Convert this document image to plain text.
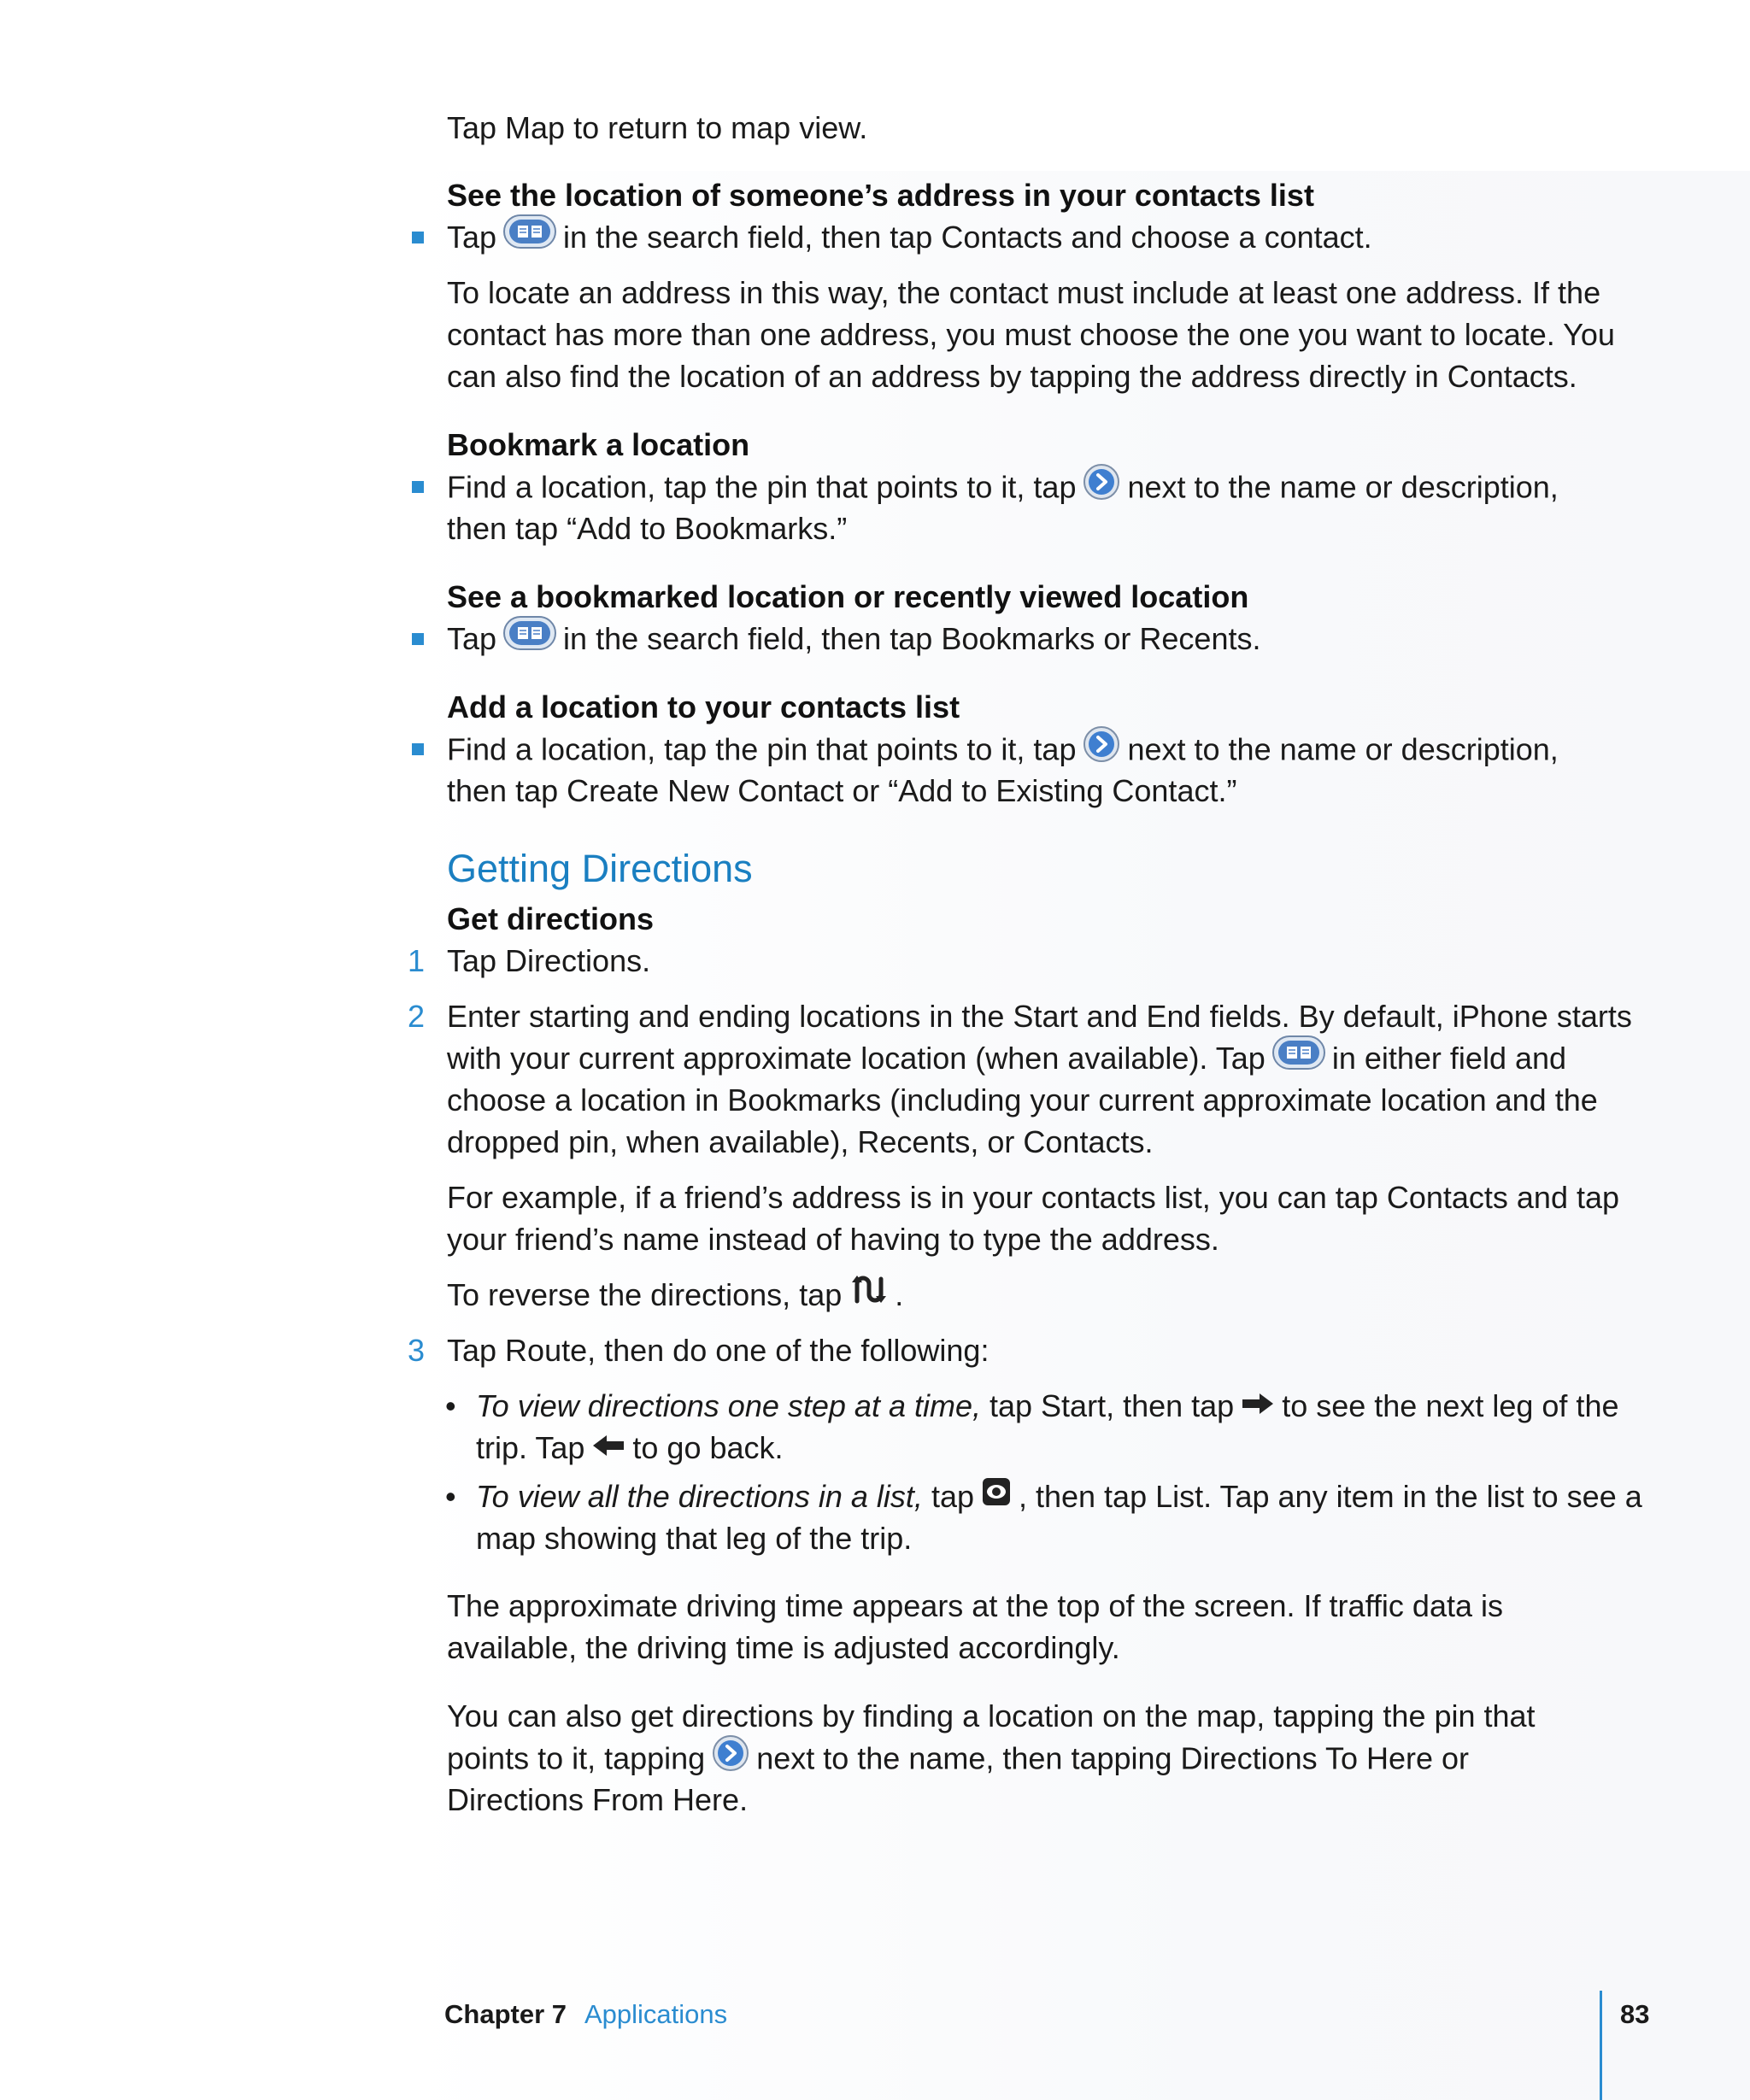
Tap Map to return to map view.
See the location of someone’s address in your contacts list
Tap in the search field, then tap Contacts and choose a contact.
To locate an address in this way, the contact must include at least one address. If the
contact has more than one address, you must choose the one you want to locate. You
can also find the location of an address by tapping the address directly in Contacts.
Bookmark a location
Find a location, tap the pin that points to it, tap next to the name or description,
then tap “Add to Bookmarks.”
See a bookmarked location or recently viewed location
Tap in the search field, then tap Bookmarks or Recents.
Add a location to your contacts list
Find a location, tap the pin that points to it, tap next to the name or description,
then tap Create New Contact or “Add to Existing Contact.”
Getting Directions
Get directions
1 Tap Directions.
2 Enter starting and ending locations in the Start and End fields. By default, iPhone starts
with your current approximate location (when available). Tap in either field and
choose a location in Bookmarks (including your current approximate location and the
dropped pin, when available), Recents, or Contacts.
For example, if a friend’s address is in your contacts list, you can tap Contacts and tap
your friend’s name instead of having to type the address.
To reverse the directions, tap .
3 Tap Route, then do one of the following:
• To view directions one step at a time, tap Start, then tap to see the next leg of the
trip. Tap to go back.
• To view all the directions in a list, tap , then tap List. Tap any item in the list to see a
map showing that leg of the trip.
The approximate driving time appears at the top of the screen. If traffic data is
available, the driving time is adjusted accordingly.
You can also get directions by finding a location on the map, tapping the pin that
points to it, tapping next to the name, then tapping Directions To Here or
Directions From Here.
Chapter 7 Applications	83
